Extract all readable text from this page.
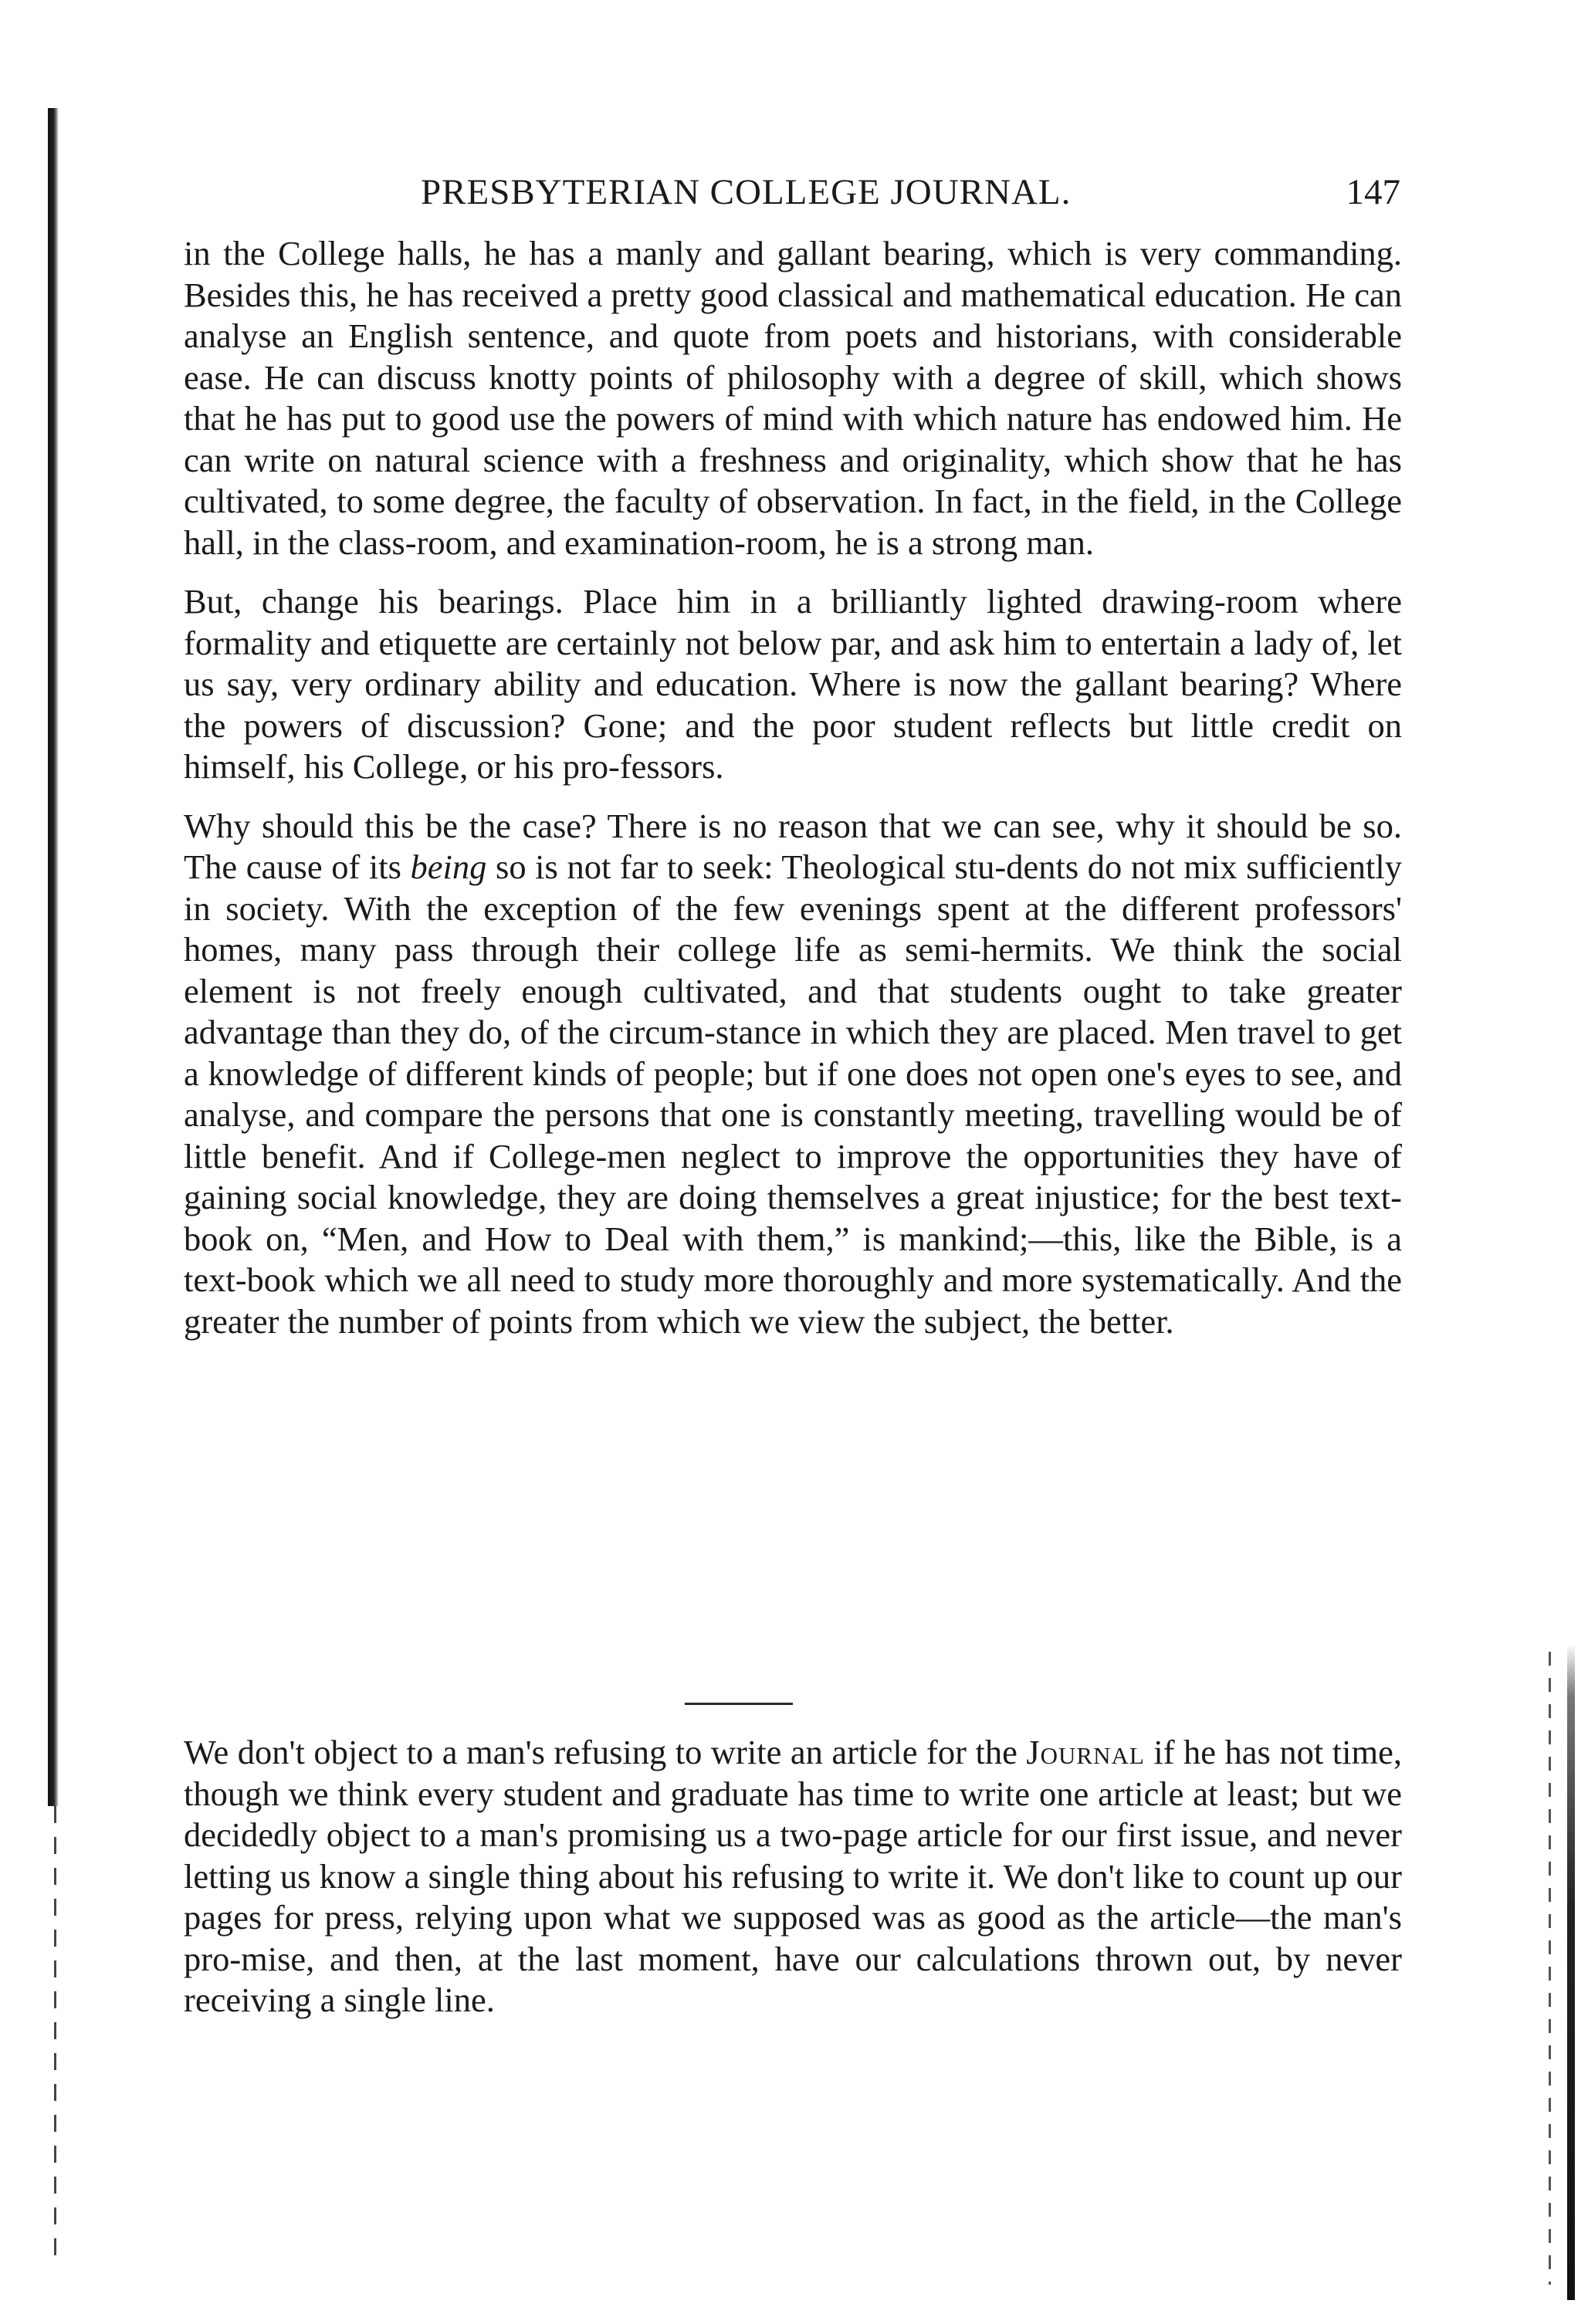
PRESBYTERIAN COLLEGE JOURNAL.	147

in the College halls, he has a manly and gallant bearing, which is very commanding. Besides this, he has received a pretty good classical and mathematical education. He can analyse an English sentence, and quote from poets and historians, with considerable ease. He can discuss knotty points of philosophy with a degree of skill, which shows that he has put to good use the powers of mind with which nature has endowed him. He can write on natural science with a freshness and originality, which show that he has cultivated, to some degree, the faculty of observation. In fact, in the field, in the College hall, in the class-room, and examination-room, he is a strong man.

But, change his bearings. Place him in a brilliantly lighted drawing-room where formality and etiquette are certainly not below par, and ask him to entertain a lady of, let us say, very ordinary ability and education. Where is now the gallant bearing? Where the powers of discussion? Gone; and the poor student reflects but little credit on himself, his College, or his pro-fessors.

Why should this be the case? There is no reason that we can see, why it should be so. The cause of its being so is not far to seek: Theological stu-dents do not mix sufficiently in society. With the exception of the few evenings spent at the different professors' homes, many pass through their college life as semi-hermits. We think the social element is not freely enough cultivated, and that students ought to take greater advantage than they do, of the circum-stance in which they are placed. Men travel to get a knowledge of different kinds of people; but if one does not open one's eyes to see, and analyse, and compare the persons that one is constantly meeting, travelling would be of little benefit. And if College-men neglect to improve the opportunities they have of gaining social knowledge, they are doing themselves a great injustice; for the best text-book on, “Men, and How to Deal with them,” is mankind;—this, like the Bible, is a text-book which we all need to study more thoroughly and more systematically. And the greater the number of points from which we view the subject, the better.

We don't object to a man's refusing to write an article for the Journal if he has not time, though we think every student and graduate has time to write one article at least; but we decidedly object to a man's promising us a two-page article for our first issue, and never letting us know a single thing about his refusing to write it. We don't like to count up our pages for press, relying upon what we supposed was as good as the article—the man's pro-mise, and then, at the last moment, have our calculations thrown out, by never receiving a single line.
